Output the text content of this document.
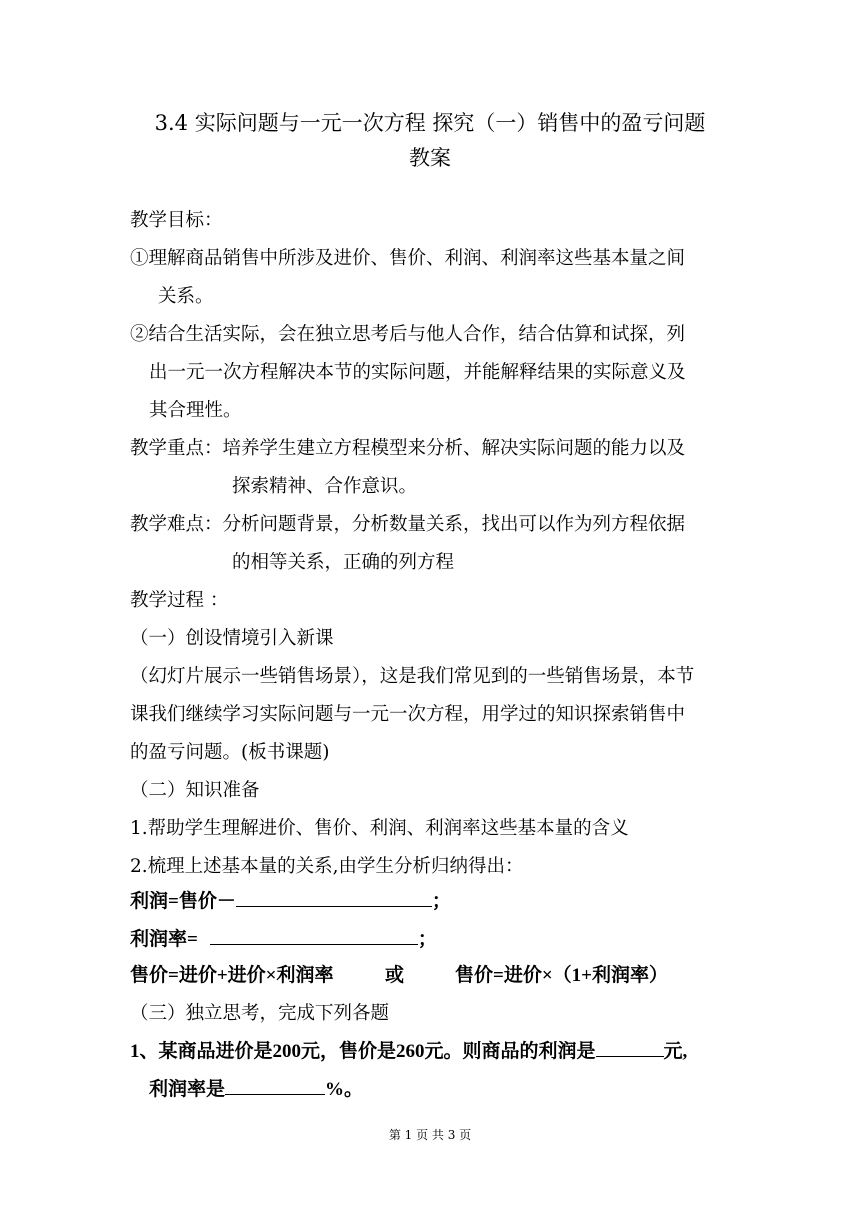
3.4 实际问题与一元一次方程 探究（一）销售中的盈亏问题
教案
教学目标：
①理解商品销售中所涉及进价、售价、利润、利润率这些基本量之间
关系。
②结合生活实际，会在独立思考后与他人合作，结合估算和试探，列
出一元一次方程解决本节的实际问题，并能解释结果的实际意义及
其合理性。
教学重点：培养学生建立方程模型来分析、解决实际问题的能力以及
探索精神、合作意识。
教学难点：分析问题背景，分析数量关系，找出可以作为列方程依据
的相等关系，正确的列方程
教学过程 ：
（一）创设情境引入新课
（幻灯片展示一些销售场景），这是我们常见到的一些销售场景，本节
课我们继续学习实际问题与一元一次方程，用学过的知识探索销售中
的盈亏问题。(板书课题)
（二）知识准备
1.帮助学生理解进价、售价、利润、利润率这些基本量的含义
2.梳理上述基本量的关系,由学生分析归纳得出：
利润=售价－	；
利润率=	；
售价=进价+进价×利润率	或	售价=进价×（1+利润率）
（三）独立思考，完成下列各题
1、某商品进价是200元，售价是260元。则商品的利润是	元,
利润率是	%。
第 1 页 共 3 页
